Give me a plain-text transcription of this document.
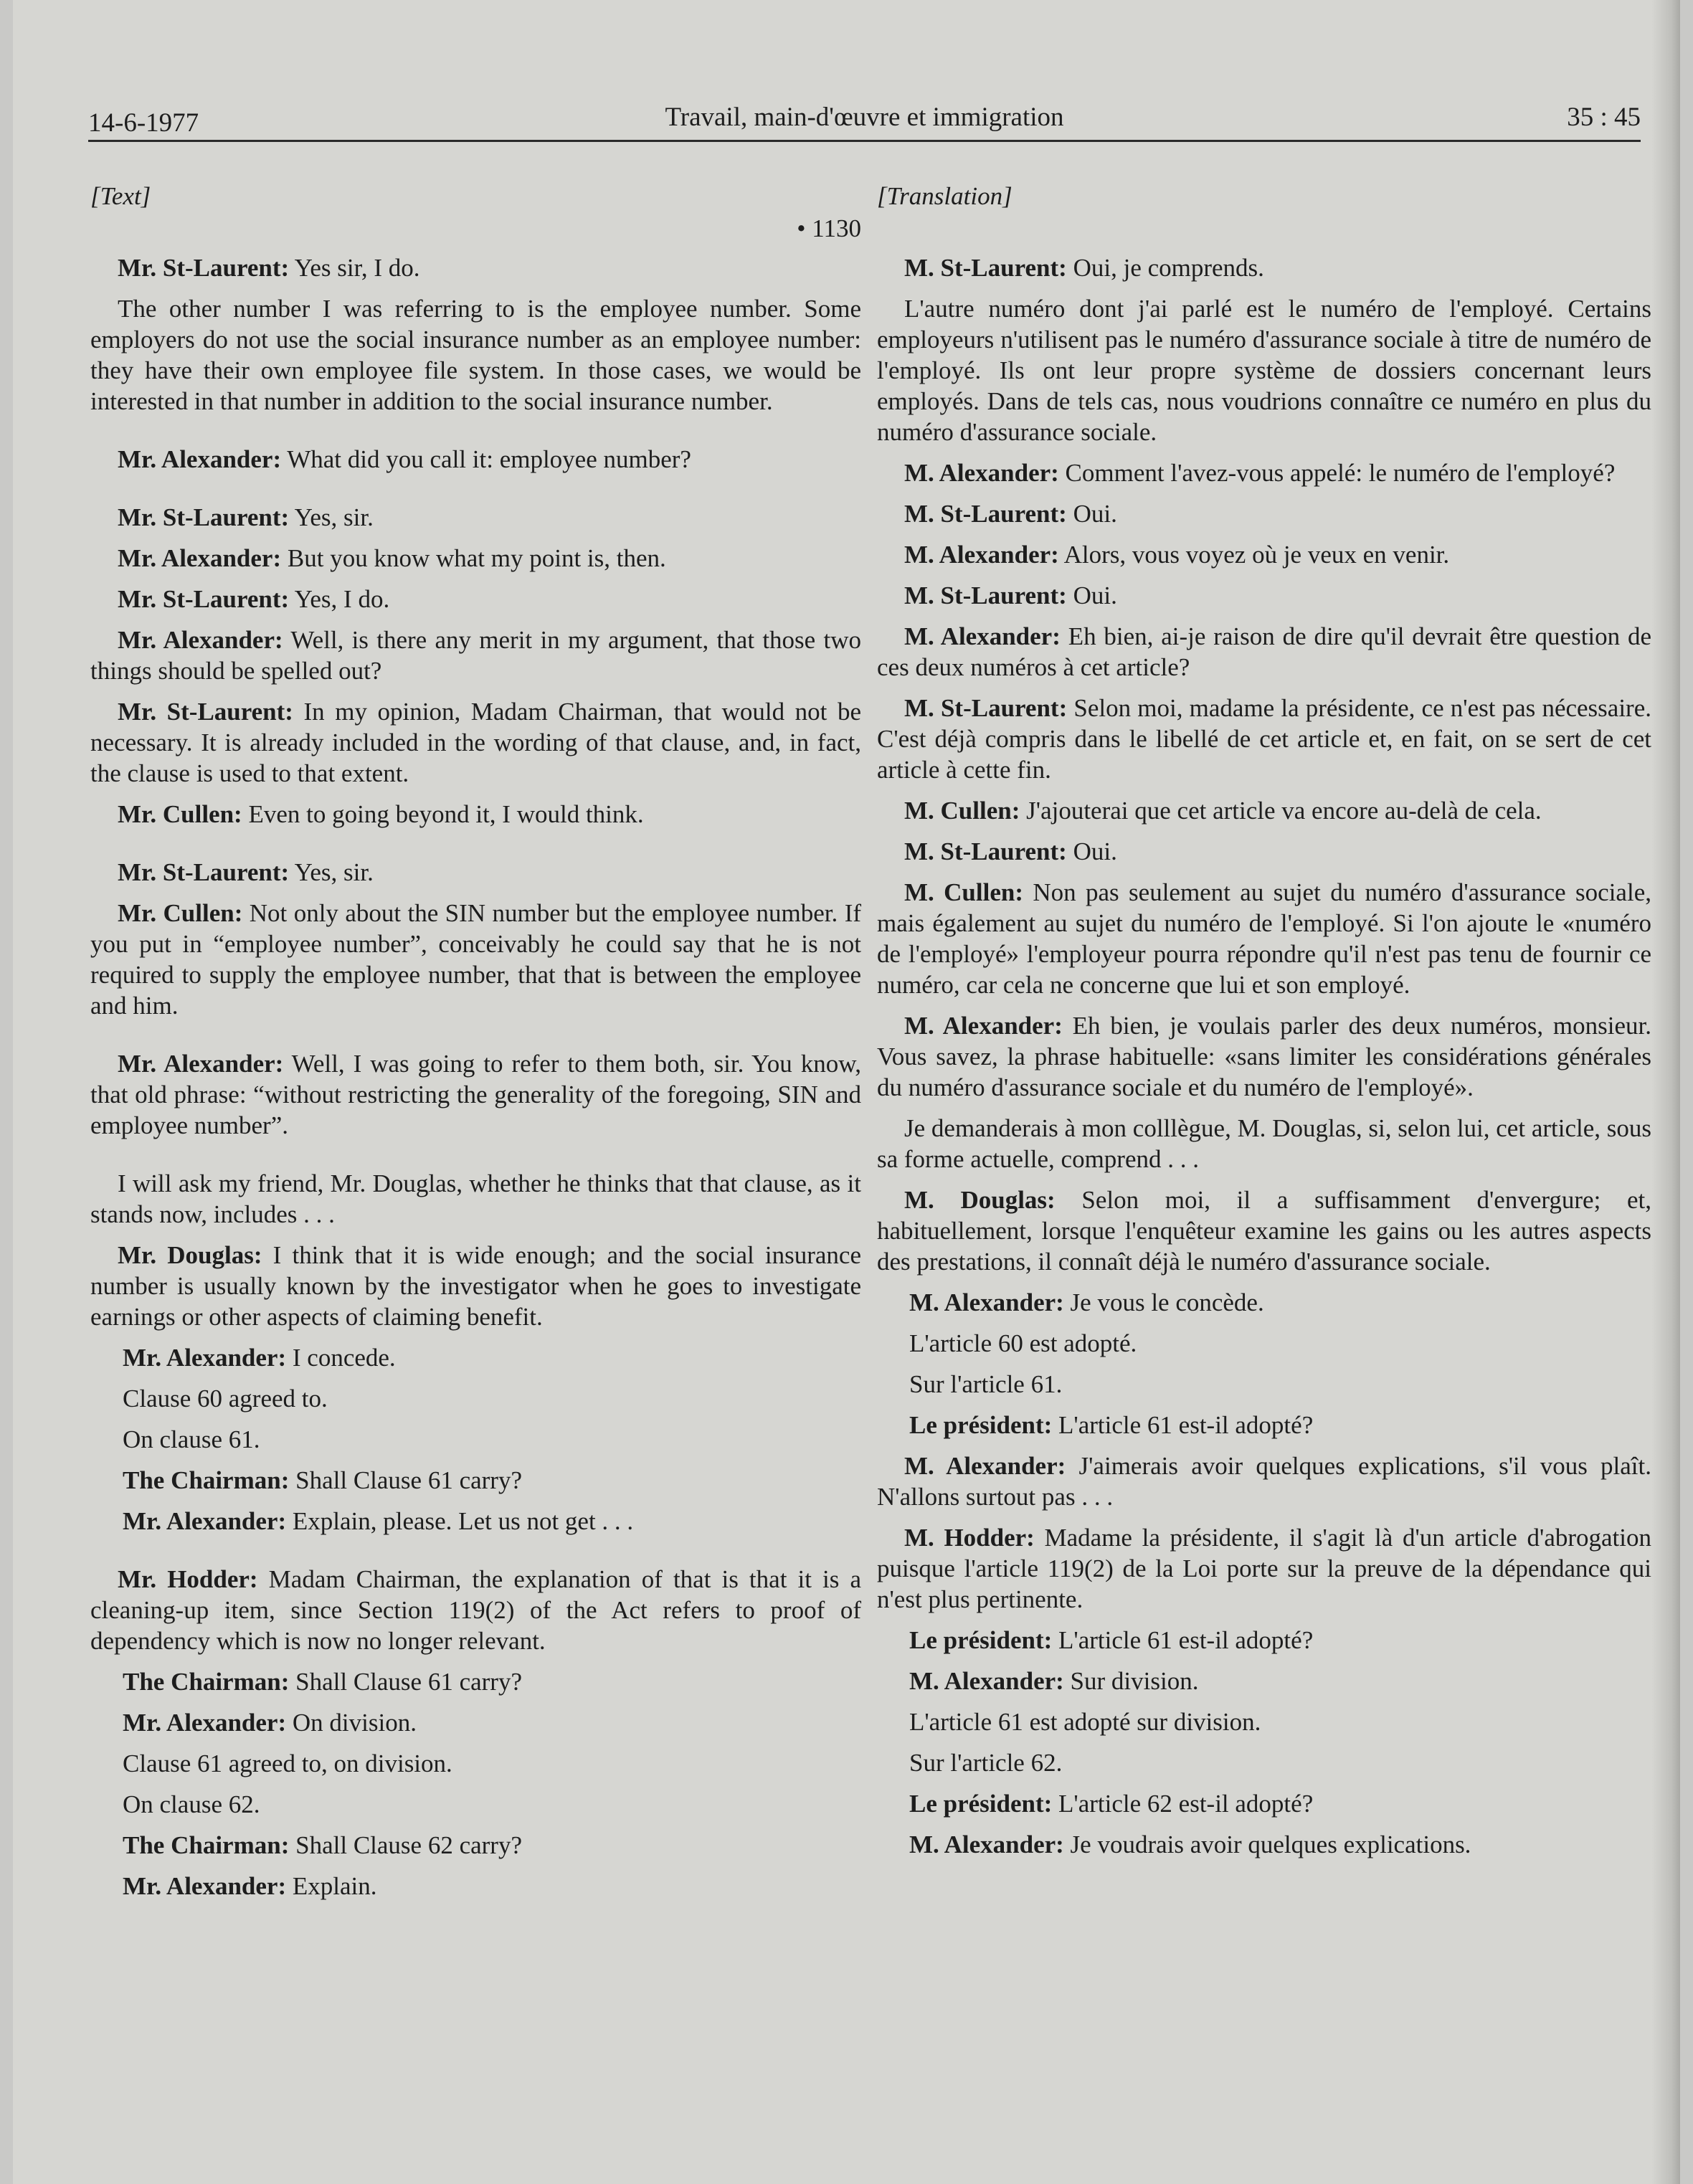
14-6-1977	Travail, main-d'œuvre et immigration	35 : 45

[Text]

• 1130

Mr. St-Laurent: Yes sir, I do.

The other number I was referring to is the employee number. Some employers do not use the social insurance number as an employee number: they have their own employee file system. In those cases, we would be interested in that number in addition to the social insurance number.

Mr. Alexander: What did you call it: employee number?

Mr. St-Laurent: Yes, sir.

Mr. Alexander: But you know what my point is, then.

Mr. St-Laurent: Yes, I do.

Mr. Alexander: Well, is there any merit in my argument, that those two things should be spelled out?

Mr. St-Laurent: In my opinion, Madam Chairman, that would not be necessary. It is already included in the wording of that clause, and, in fact, the clause is used to that extent.

Mr. Cullen: Even to going beyond it, I would think.

Mr. St-Laurent: Yes, sir.

Mr. Cullen: Not only about the SIN number but the employee number. If you put in “employee number”, conceivably he could say that he is not required to supply the employee number, that that is between the employee and him.

Mr. Alexander: Well, I was going to refer to them both, sir. You know, that old phrase: “without restricting the generality of the foregoing, SIN and employee number”.

I will ask my friend, Mr. Douglas, whether he thinks that that clause, as it stands now, includes . . .

Mr. Douglas: I think that it is wide enough; and the social insurance number is usually known by the investigator when he goes to investigate earnings or other aspects of claiming benefit.

Mr. Alexander: I concede.

Clause 60 agreed to.

On clause 61.

The Chairman: Shall Clause 61 carry?

Mr. Alexander: Explain, please. Let us not get . . .

Mr. Hodder: Madam Chairman, the explanation of that is that it is a cleaning-up item, since Section 119(2) of the Act refers to proof of dependency which is now no longer relevant.

The Chairman: Shall Clause 61 carry?

Mr. Alexander: On division.

Clause 61 agreed to, on division.

On clause 62.

The Chairman: Shall Clause 62 carry?

Mr. Alexander: Explain.

[Translation]

M. St-Laurent: Oui, je comprends.

L'autre numéro dont j'ai parlé est le numéro de l'employé. Certains employeurs n'utilisent pas le numéro d'assurance sociale à titre de numéro de l'employé. Ils ont leur propre système de dossiers concernant leurs employés. Dans de tels cas, nous voudrions connaître ce numéro en plus du numéro d'assurance sociale.

M. Alexander: Comment l'avez-vous appelé: le numéro de l'employé?

M. St-Laurent: Oui.

M. Alexander: Alors, vous voyez où je veux en venir.

M. St-Laurent: Oui.

M. Alexander: Eh bien, ai-je raison de dire qu'il devrait être question de ces deux numéros à cet article?

M. St-Laurent: Selon moi, madame la présidente, ce n'est pas nécessaire. C'est déjà compris dans le libellé de cet article et, en fait, on se sert de cet article à cette fin.

M. Cullen: J'ajouterai que cet article va encore au-delà de cela.

M. St-Laurent: Oui.

M. Cullen: Non pas seulement au sujet du numéro d'assurance sociale, mais également au sujet du numéro de l'employé. Si l'on ajoute le «numéro de l'employé» l'employeur pourra répondre qu'il n'est pas tenu de fournir ce numéro, car cela ne concerne que lui et son employé.

M. Alexander: Eh bien, je voulais parler des deux numéros, monsieur. Vous savez, la phrase habituelle: «sans limiter les considérations générales du numéro d'assurance sociale et du numéro de l'employé».

Je demanderais à mon colllègue, M. Douglas, si, selon lui, cet article, sous sa forme actuelle, comprend . . .

M. Douglas: Selon moi, il a suffisamment d'envergure; et, habituellement, lorsque l'enquêteur examine les gains ou les autres aspects des prestations, il connaît déjà le numéro d'assurance sociale.

M. Alexander: Je vous le concède.

L'article 60 est adopté.

Sur l'article 61.

Le président: L'article 61 est-il adopté?

M. Alexander: J'aimerais avoir quelques explications, s'il vous plaît. N'allons surtout pas . . .

M. Hodder: Madame la présidente, il s'agit là d'un article d'abrogation puisque l'article 119(2) de la Loi porte sur la preuve de la dépendance qui n'est plus pertinente.

Le président: L'article 61 est-il adopté?

M. Alexander: Sur division.

L'article 61 est adopté sur division.

Sur l'article 62.

Le président: L'article 62 est-il adopté?

M. Alexander: Je voudrais avoir quelques explications.
